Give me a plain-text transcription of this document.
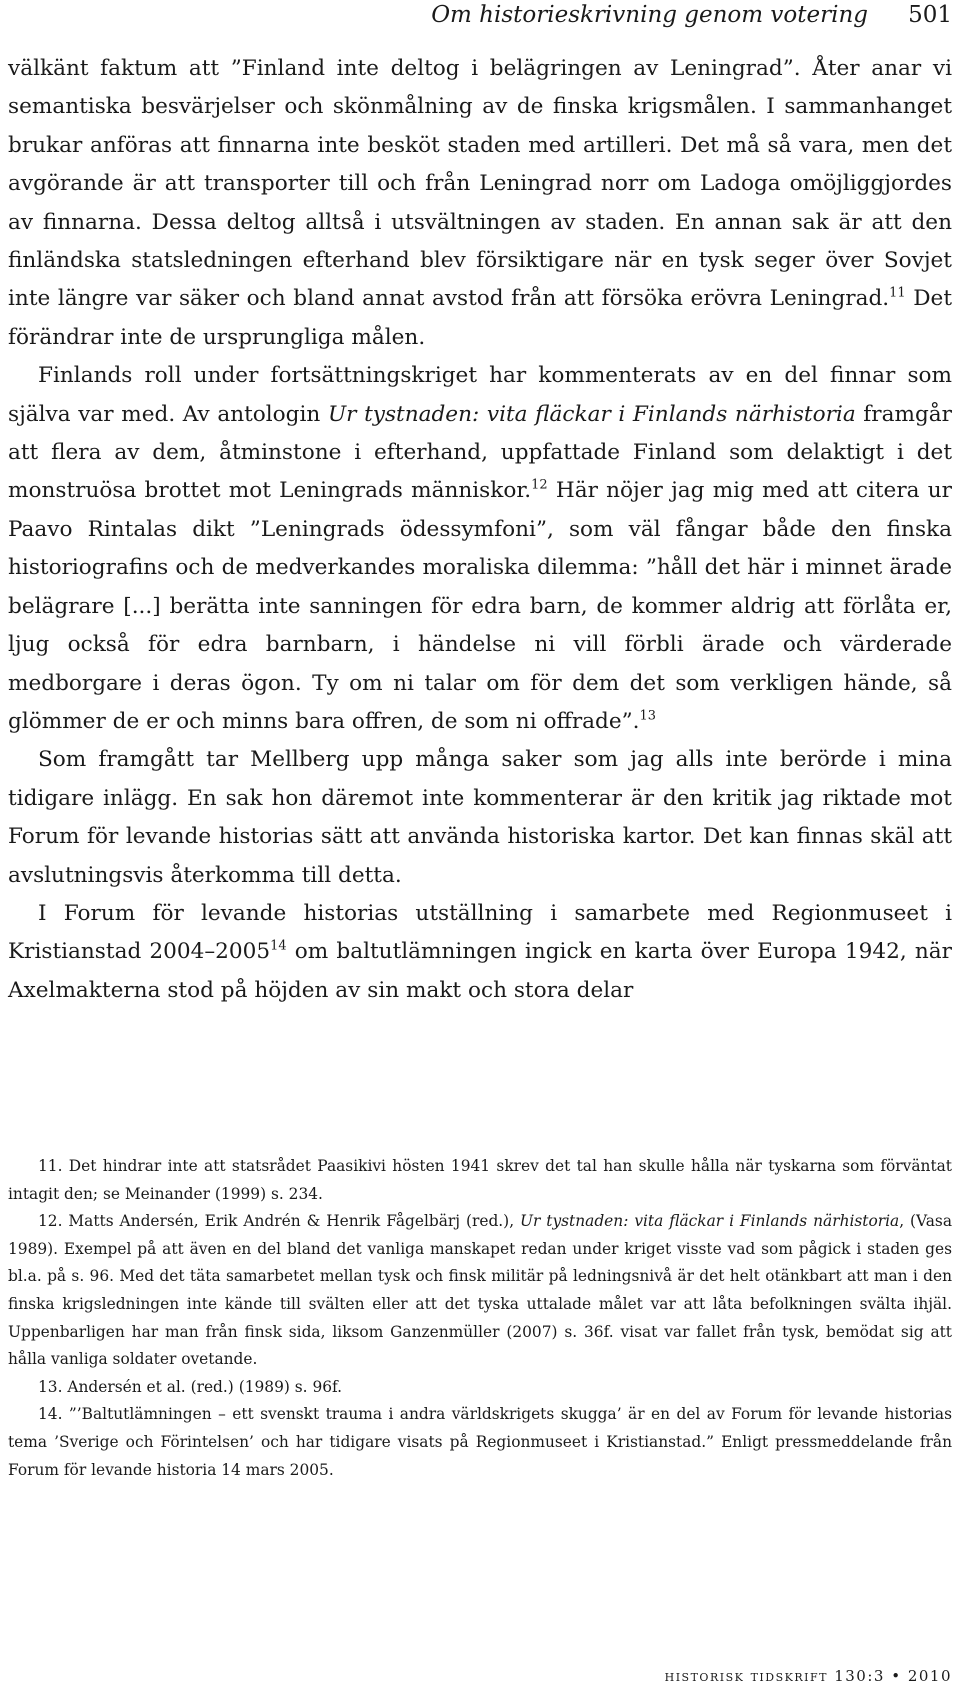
Om historieskrivning genom votering 501

välkänt faktum att ”Finland inte deltog i belägringen av Leningrad”. Åter anar vi semantiska besvärjelser och skönmålning av de finska krigsmålen. I sammanhanget brukar anföras att finnarna inte besköt staden med artilleri. Det må så vara, men det avgörande är att transporter till och från Leningrad norr om Ladoga omöjliggjordes av finnarna. Dessa deltog alltså i utsvältningen av staden. En annan sak är att den finländska statsledningen efterhand blev försiktigare när en tysk seger över Sovjet inte längre var säker och bland annat avstod från att försöka erövra Leningrad.$^{11}$ Det förändrar inte de ursprungliga målen.

Finlands roll under fortsättningskriget har kommenterats av en del finnar som själva var med. Av antologin Ur tystnaden: vita fläckar i Finlands närhistoria framgår att flera av dem, åtminstone i efterhand, uppfattade Finland som delaktigt i det monstruösa brottet mot Leningrads människor.$^{12}$ Här nöjer jag mig med att citera ur Paavo Rintalas dikt ”Leningrads ödessymfoni”, som väl fångar både den finska historiografins och de medverkandes moraliska dilemma: ”håll det här i minnet ärade belägrare [...] berätta inte sanningen för edra barn, de kommer aldrig att förlåta er, ljug också för edra barnbarn, i händelse ni vill förbli ärade och värderade medborgare i deras ögon. Ty om ni talar om för dem det som verkligen hände, så glömmer de er och minns bara offren, de som ni offrade”.$^{13}$

Som framgått tar Mellberg upp många saker som jag alls inte berörde i mina tidigare inlägg. En sak hon däremot inte kommenterar är den kritik jag riktade mot Forum för levande historias sätt att använda historiska kartor. Det kan finnas skäl att avslutningsvis återkomma till detta.

I Forum för levande historias utställning i samarbete med Regionmuseet i Kristianstad 2004–2005$^{14}$ om baltutlämningen ingick en karta över Europa 1942, när Axelmakterna stod på höjden av sin makt och stora delar

11. Det hindrar inte att statsrådet Paasikivi hösten 1941 skrev det tal han skulle hålla när tyskarna som förväntat intagit den; se Meinander (1999) s. 234.

12. Matts Andersén, Erik Andrén & Henrik Fågelbärj (red.), Ur tystnaden: vita fläckar i Finlands närhistoria, (Vasa 1989). Exempel på att även en del bland det vanliga manskapet redan under kriget visste vad som pågick i staden ges bl.a. på s. 96. Med det täta samarbetet mellan tysk och finsk militär på ledningsnivå är det helt otänkbart att man i den finska krigsledningen inte kände till svälten eller att det tyska uttalade målet var att låta befolkningen svälta ihjäl. Uppenbarligen har man från finsk sida, liksom Ganzenmüller (2007) s. 36f. visat var fallet från tysk, bemödat sig att hålla vanliga soldater ovetande.

13. Andersén et al. (red.) (1989) s. 96f.

14. ”’Baltutlämningen – ett svenskt trauma i andra världskrigets skugga’ är en del av Forum för levande historias tema ’Sverige och Förintelsen’ och har tidigare visats på Regionmuseet i Kristianstad.” Enligt pressmeddelande från Forum för levande historia 14 mars 2005.

historisk tidskrift 130:3 • 2010
